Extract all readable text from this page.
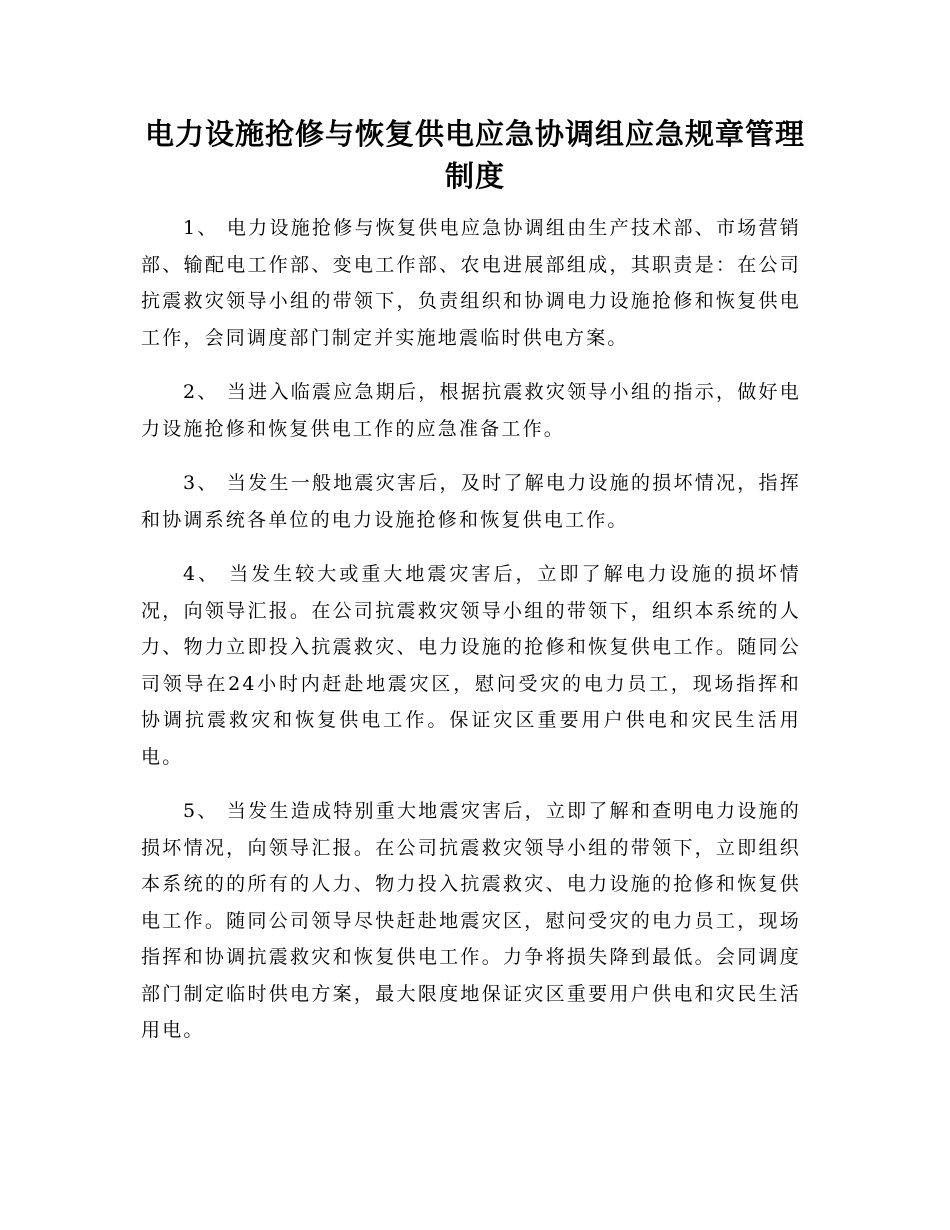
电力设施抢修与恢复供电应急协调组应急规章管理制度

1、 电力设施抢修与恢复供电应急协调组由生产技术部、市场营销部、输配电工作部、变电工作部、农电进展部组成，其职责是：在公司抗震救灾领导小组的带领下，负责组织和协调电力设施抢修和恢复供电工作，会同调度部门制定并实施地震临时供电方案。

2、 当进入临震应急期后，根据抗震救灾领导小组的指示，做好电力设施抢修和恢复供电工作的应急准备工作。

3、 当发生一般地震灾害后，及时了解电力设施的损坏情况，指挥和协调系统各单位的电力设施抢修和恢复供电工作。

4、 当发生较大或重大地震灾害后，立即了解电力设施的损坏情况，向领导汇报。在公司抗震救灾领导小组的带领下，组织本系统的人力、物力立即投入抗震救灾、电力设施的抢修和恢复供电工作。随同公司领导在24小时内赶赴地震灾区，慰问受灾的电力员工，现场指挥和协调抗震救灾和恢复供电工作。保证灾区重要用户供电和灾民生活用电。

5、 当发生造成特别重大地震灾害后，立即了解和查明电力设施的损坏情况，向领导汇报。在公司抗震救灾领导小组的带领下，立即组织本系统的的所有的人力、物力投入抗震救灾、电力设施的抢修和恢复供电工作。随同公司领导尽快赶赴地震灾区，慰问受灾的电力员工，现场指挥和协调抗震救灾和恢复供电工作。力争将损失降到最低。会同调度部门制定临时供电方案，最大限度地保证灾区重要用户供电和灾民生活用电。
